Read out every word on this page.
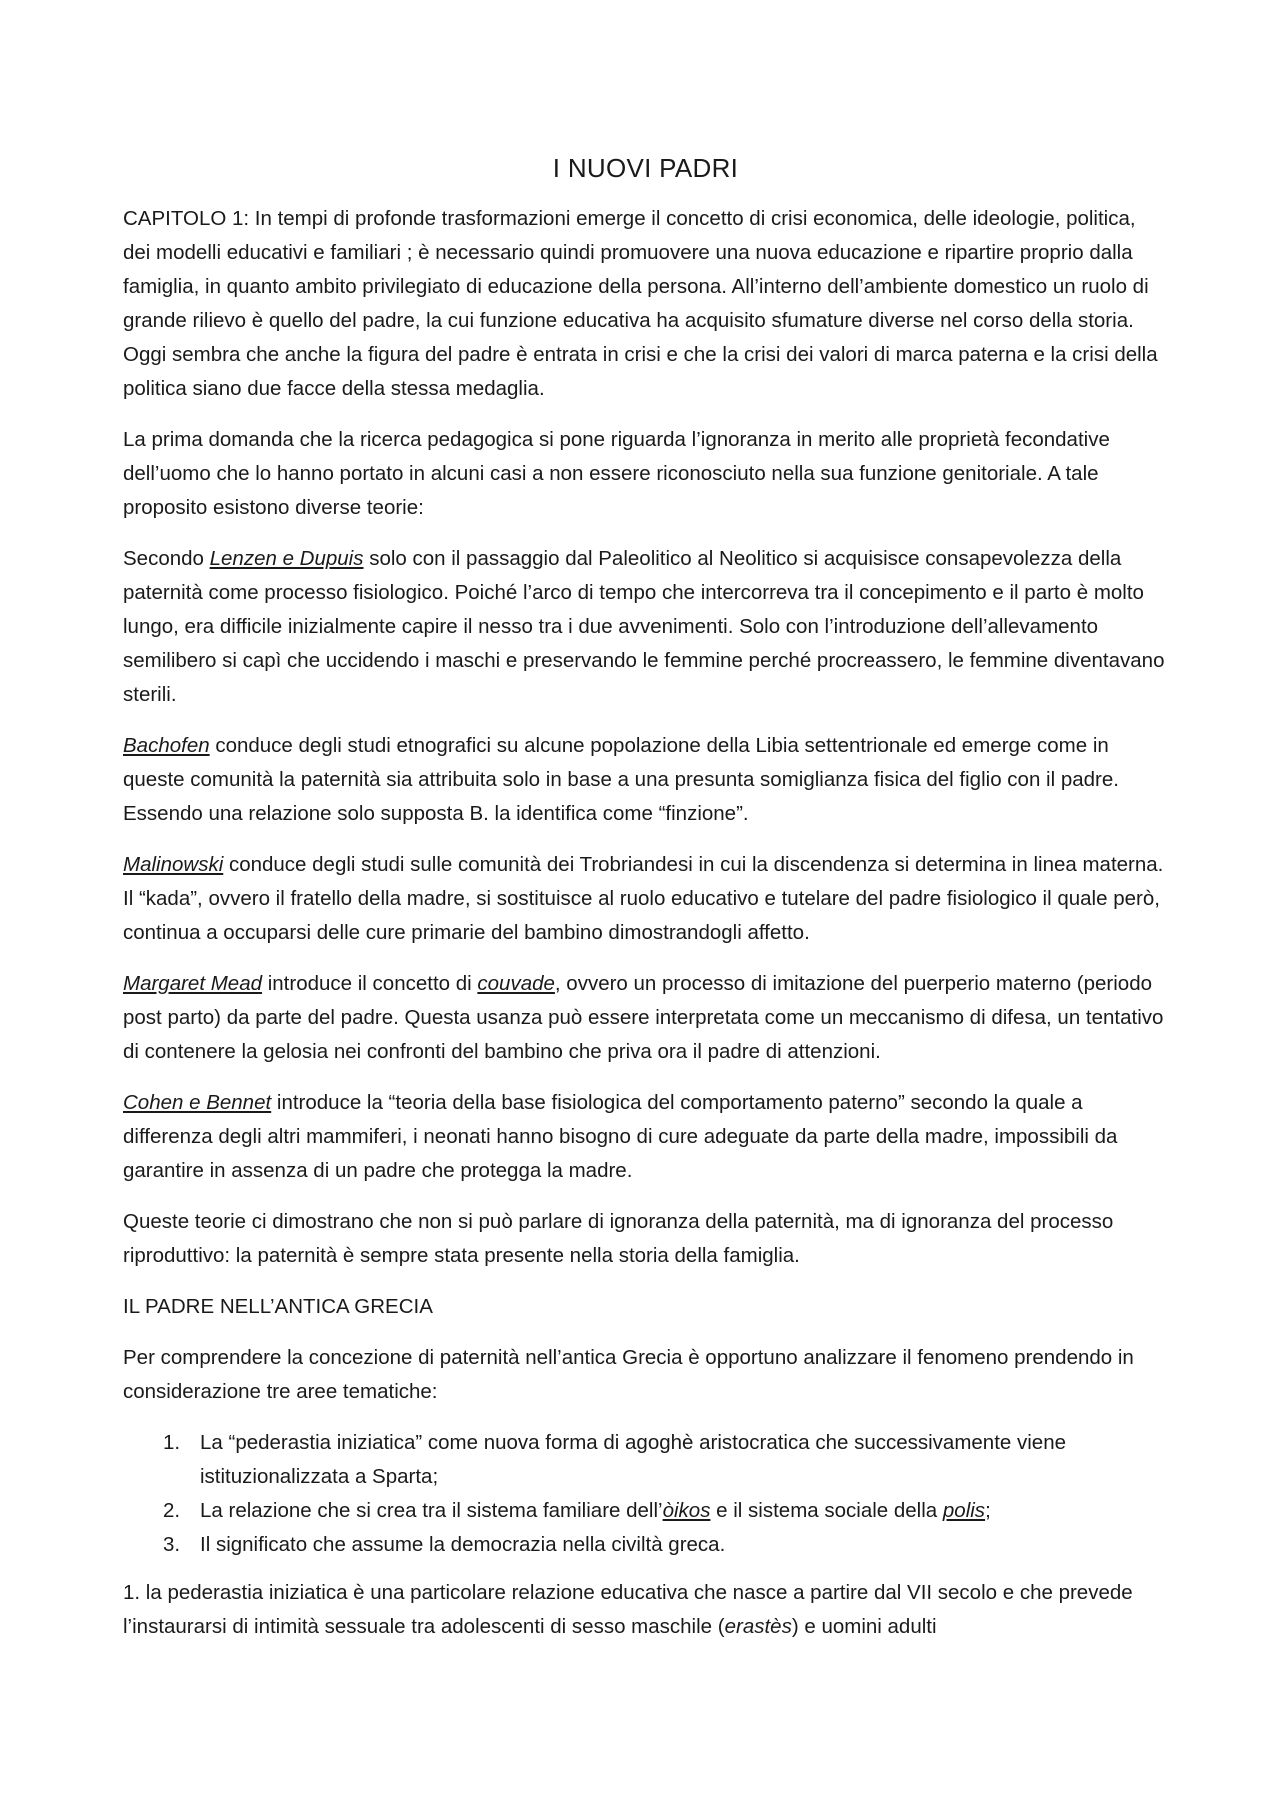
I NUOVI PADRI

CAPITOLO 1: In tempi di profonde trasformazioni emerge il concetto di crisi economica, delle ideologie, politica, dei modelli educativi e familiari ; è necessario quindi promuovere una nuova educazione e ripartire proprio dalla famiglia, in quanto ambito privilegiato di educazione della persona. All’interno dell’ambiente domestico un ruolo di grande rilievo è quello del padre, la cui funzione educativa ha acquisito sfumature diverse nel corso della storia. Oggi sembra che anche la figura del padre è entrata in crisi e che la crisi dei valori di marca paterna e la crisi della politica siano due facce della stessa medaglia.

La prima domanda che la ricerca pedagogica si pone riguarda l’ignoranza in merito alle proprietà fecondative dell’uomo che lo hanno portato in alcuni casi a non essere riconosciuto nella sua funzione genitoriale. A tale proposito esistono diverse teorie:

Secondo Lenzen e Dupuis solo con il passaggio dal Paleolitico al Neolitico si acquisisce consapevolezza della paternità come processo fisiologico. Poiché l’arco di tempo che intercorreva tra il concepimento e il parto è molto lungo, era difficile inizialmente capire il nesso tra i due avvenimenti. Solo con l’introduzione dell’allevamento semilibero si capì che uccidendo i maschi e preservando le femmine perché procreassero, le femmine diventavano sterili.

Bachofen conduce degli studi etnografici su alcune popolazione della Libia settentrionale ed emerge come in queste comunità la paternità sia attribuita solo in base a una presunta somiglianza fisica del figlio con il padre. Essendo una relazione solo supposta B. la identifica come “finzione”.

Malinowski conduce degli studi sulle comunità dei Trobriandesi in cui la discendenza si determina in linea materna. Il “kada”, ovvero il fratello della madre, si sostituisce al ruolo educativo e tutelare del padre fisiologico il quale però, continua a occuparsi delle cure primarie del bambino dimostrandogli affetto.

Margaret Mead introduce il concetto di couvade, ovvero un processo di imitazione del puerperio materno (periodo post parto) da parte del padre. Questa usanza può essere interpretata come un meccanismo di difesa, un tentativo di contenere la gelosia nei confronti del bambino che priva ora il padre di attenzioni.

Cohen e Bennet introduce la “teoria della base fisiologica del comportamento paterno” secondo la quale a differenza degli altri mammiferi, i neonati hanno bisogno di cure adeguate da parte della madre, impossibili da garantire in assenza di un padre che protegga la madre.

Queste teorie ci dimostrano che non si può parlare di ignoranza della paternità, ma di ignoranza del processo riproduttivo: la paternità è sempre stata presente nella storia della famiglia.

IL PADRE NELL’ANTICA GRECIA

Per comprendere la concezione di paternità nell’antica Grecia è opportuno analizzare il fenomeno prendendo in considerazione tre aree tematiche:

1. La “pederastia iniziatica” come nuova forma di agoghè aristocratica che successivamente viene istituzionalizzata a Sparta;
2. La relazione che si crea tra il sistema familiare dell’òikos e il sistema sociale della polis;
3. Il significato che assume la democrazia nella civiltà greca.

1. la pederastia iniziatica è una particolare relazione educativa che nasce a partire dal VII secolo e che prevede l’instaurarsi di intimità sessuale tra adolescenti di sesso maschile (erastès) e uomini adulti
